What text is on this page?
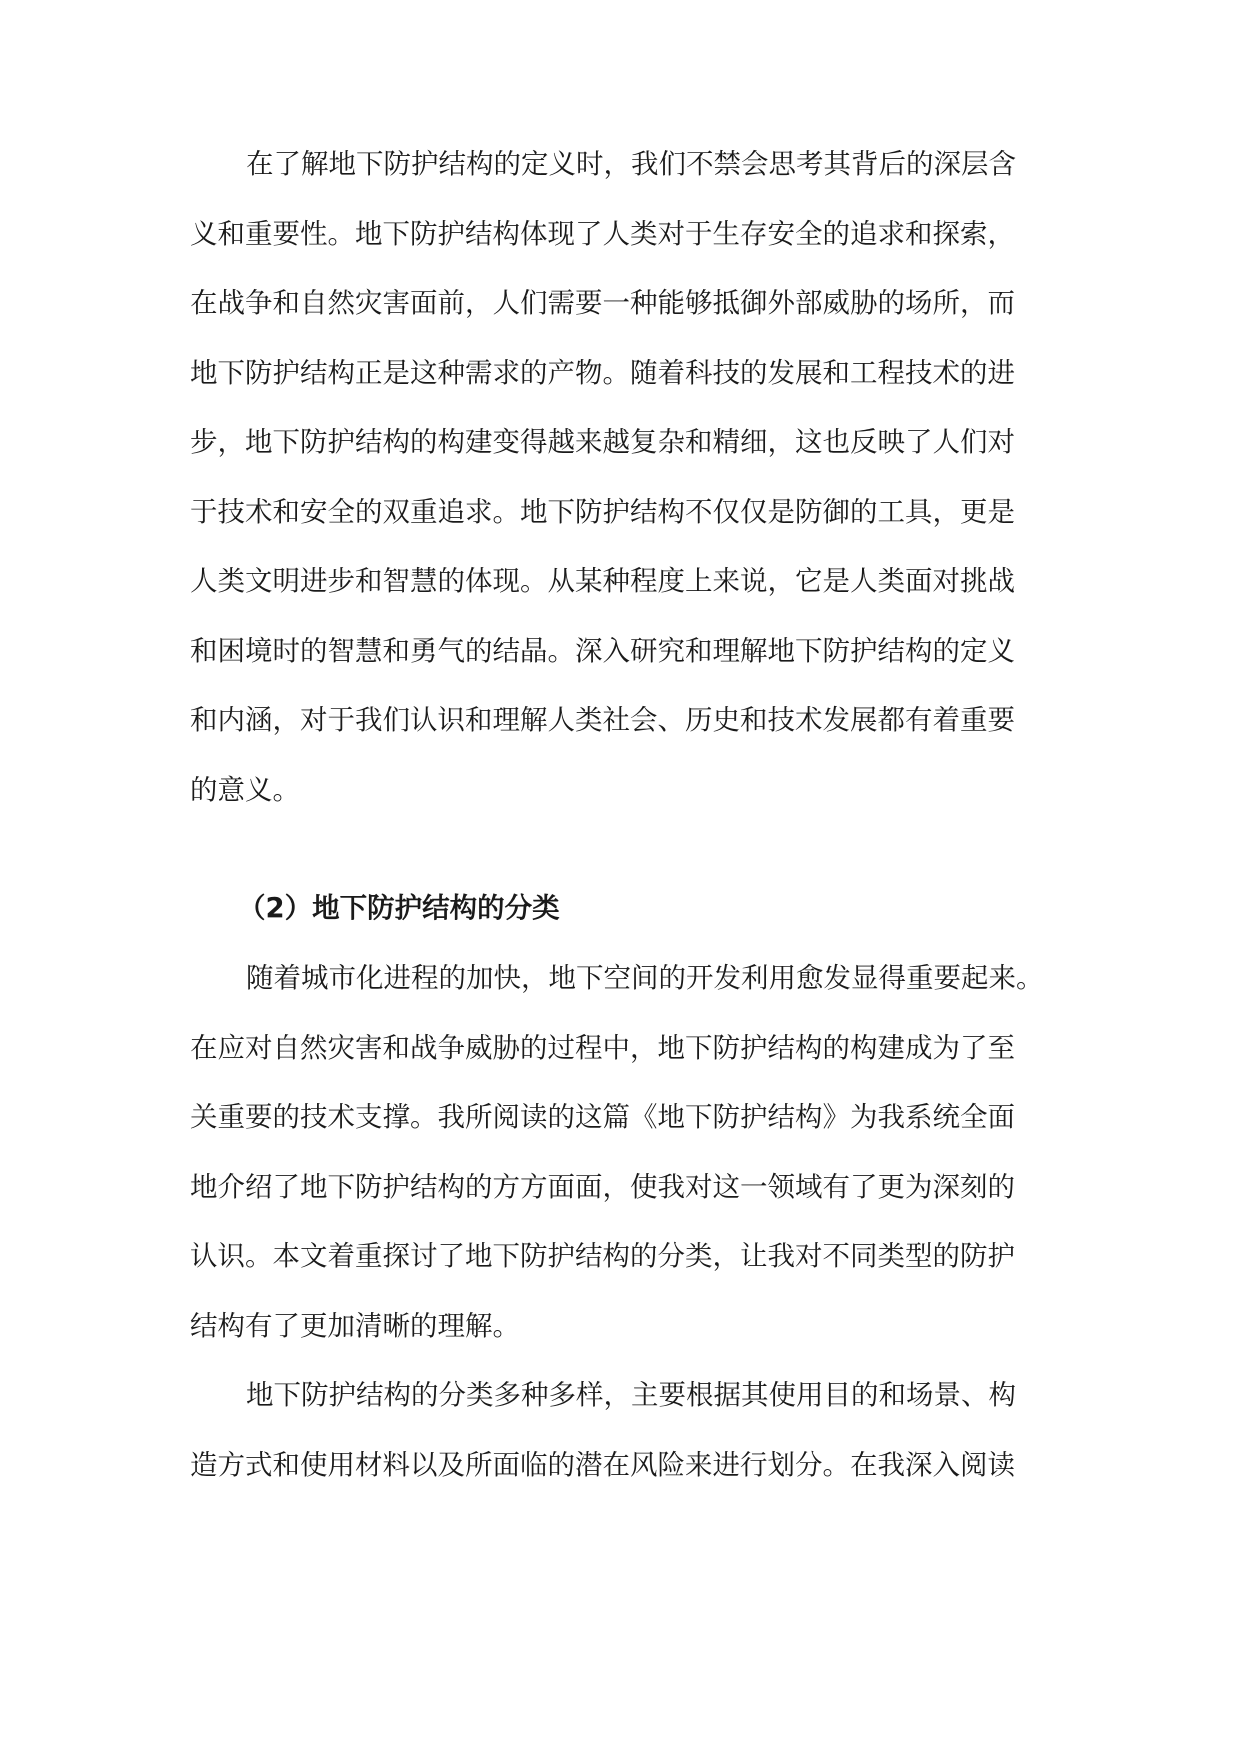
在了解地下防护结构的定义时，我们不禁会思考其背后的深层含
义和重要性。地下防护结构体现了人类对于生存安全的追求和探索，
在战争和自然灾害面前，人们需要一种能够抵御外部威胁的场所，而
地下防护结构正是这种需求的产物。随着科技的发展和工程技术的进
步，地下防护结构的构建变得越来越复杂和精细，这也反映了人们对
于技术和安全的双重追求。地下防护结构不仅仅是防御的工具，更是
人类文明进步和智慧的体现。从某种程度上来说，它是人类面对挑战
和困境时的智慧和勇气的结晶。深入研究和理解地下防护结构的定义
和内涵，对于我们认识和理解人类社会、历史和技术发展都有着重要
的意义。
（2）地下防护结构的分类
随着城市化进程的加快，地下空间的开发利用愈发显得重要起来。
在应对自然灾害和战争威胁的过程中，地下防护结构的构建成为了至
关重要的技术支撑。我所阅读的这篇《地下防护结构》为我系统全面
地介绍了地下防护结构的方方面面，使我对这一领域有了更为深刻的
认识。本文着重探讨了地下防护结构的分类，让我对不同类型的防护
结构有了更加清晰的理解。
地下防护结构的分类多种多样，主要根据其使用目的和场景、构
造方式和使用材料以及所面临的潜在风险来进行划分。在我深入阅读
